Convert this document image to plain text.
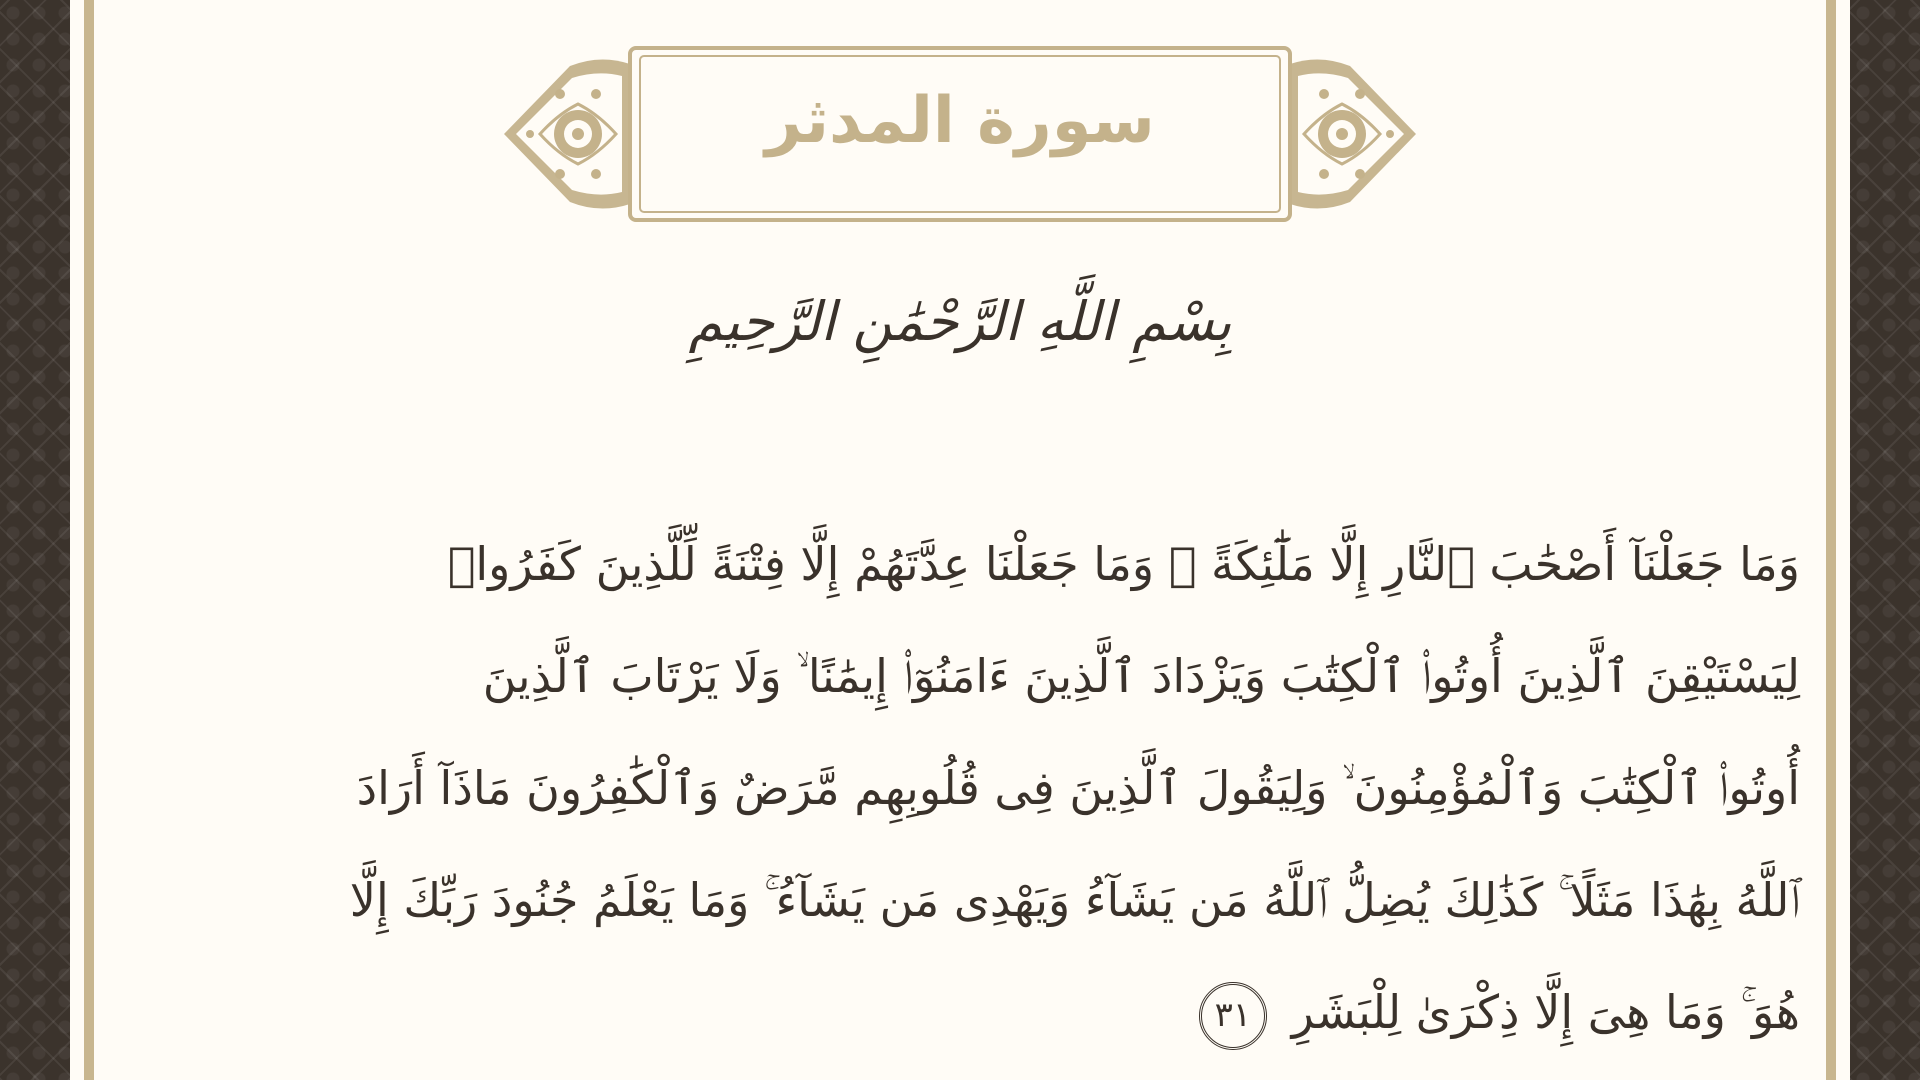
سورة المدثر
بِسْمِ اللَّهِ الرَّحْمَٰنِ الرَّحِيمِ
وَمَا جَعَلْنَآ أَصْحَٰبَ ٱلنَّارِ إِلَّا مَلَٰٓئِكَةً ۙ وَمَا جَعَلْنَا عِدَّتَهُمْ إِلَّا فِتْنَةً لِّلَّذِينَ كَفَرُوا۟
لِيَسْتَيْقِنَ ٱلَّذِينَ أُوتُوا۟ ٱلْكِتَٰبَ وَيَزْدَادَ ٱلَّذِينَ ءَامَنُوٓا۟ إِيمَٰنًا ۙ وَلَا يَرْتَابَ ٱلَّذِينَ
أُوتُوا۟ ٱلْكِتَٰبَ وَٱلْمُؤْمِنُونَ ۙ وَلِيَقُولَ ٱلَّذِينَ فِى قُلُوبِهِم مَّرَضٌ وَٱلْكَٰفِرُونَ مَاذَآ أَرَادَ
ٱللَّهُ بِهَٰذَا مَثَلًا ۚ كَذَٰلِكَ يُضِلُّ ٱللَّهُ مَن يَشَآءُ وَيَهْدِى مَن يَشَآءُ ۚ وَمَا يَعْلَمُ جُنُودَ رَبِّكَ إِلَّا
هُوَ ۚ وَمَا هِىَ إِلَّا ذِكْرَىٰ لِلْبَشَرِ ٣١
